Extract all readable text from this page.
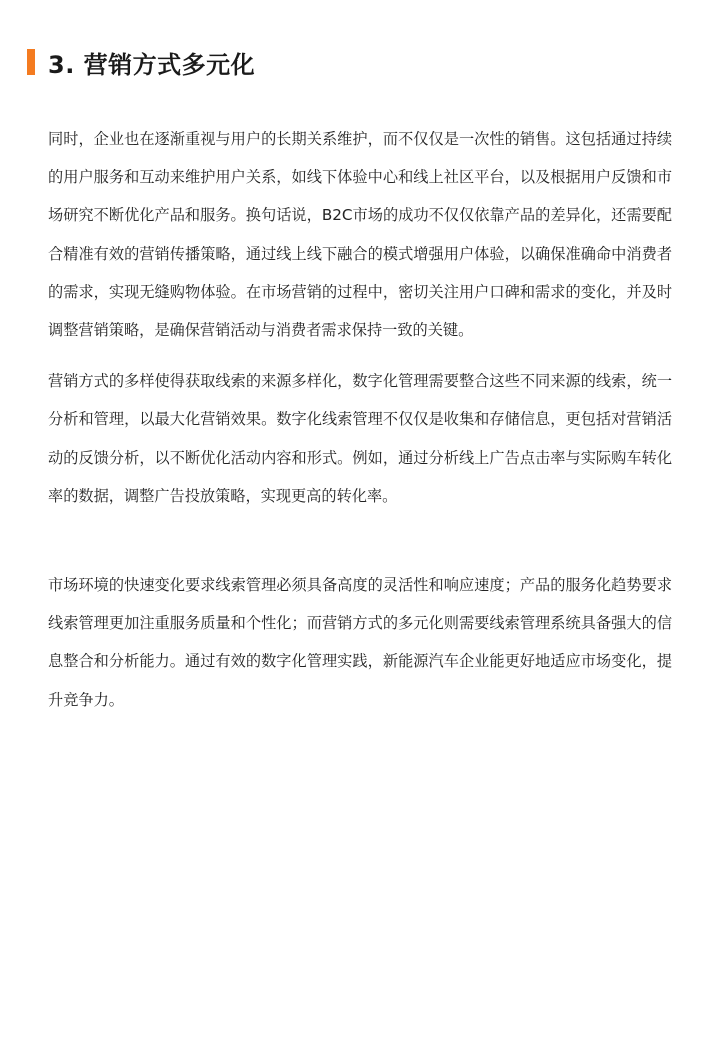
3. 营销方式多元化

同时，企业也在逐渐重视与用户的长期关系维护，而不仅仅是一次性的销售。这包括通过持续的用户服务和互动来维护用户关系，如线下体验中心和线上社区平台，以及根据用户反馈和市场研究不断优化产品和服务。换句话说，B2C市场的成功不仅仅依靠产品的差异化，还需要配合精准有效的营销传播策略，通过线上线下融合的模式增强用户体验，以确保准确命中消费者的需求，实现无缝购物体验。在市场营销的过程中，密切关注用户口碑和需求的变化，并及时调整营销策略，是确保营销活动与消费者需求保持一致的关键。

营销方式的多样使得获取线索的来源多样化，数字化管理需要整合这些不同来源的线索，统一分析和管理，以最大化营销效果。数字化线索管理不仅仅是收集和存储信息，更包括对营销活动的反馈分析，以不断优化活动内容和形式。例如，通过分析线上广告点击率与实际购车转化率的数据，调整广告投放策略，实现更高的转化率。

市场环境的快速变化要求线索管理必须具备高度的灵活性和响应速度；产品的服务化趋势要求线索管理更加注重服务质量和个性化；而营销方式的多元化则需要线索管理系统具备强大的信息整合和分析能力。通过有效的数字化管理实践，新能源汽车企业能更好地适应市场变化，提升竞争力。
